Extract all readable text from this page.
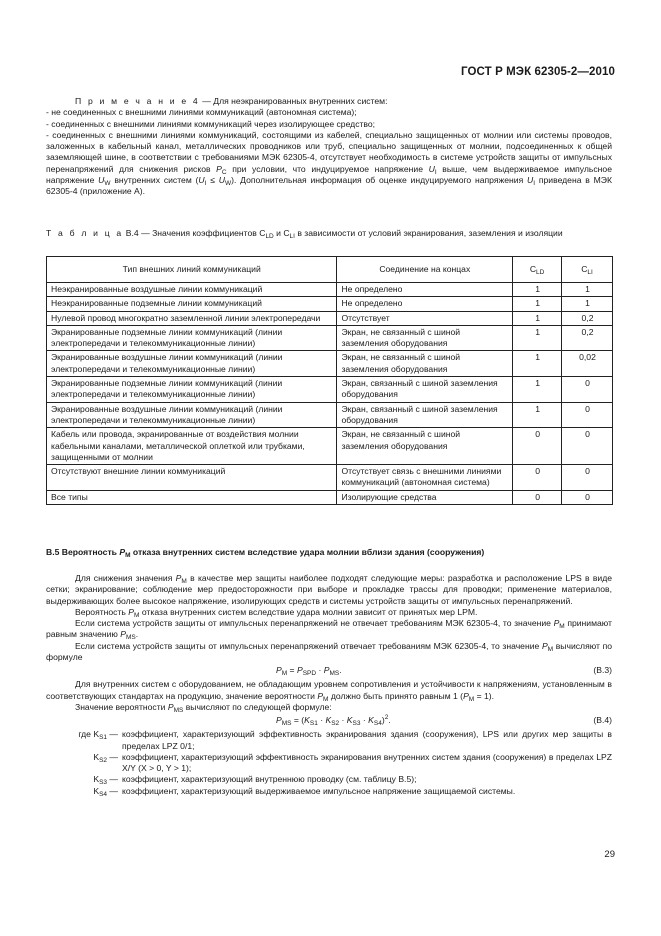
ГОСТ Р МЭК 62305-2—2010

П р и м е ч а н и е 4 — Для неэкранированных внутренних систем:

- не соединенных с внешними линиями коммуникаций (автономная система);

- соединенных с внешними линиями коммуникаций через изолирующее средство;

- соединенных с внешними линиями коммуникаций, состоящими из кабелей, специально защищенных от молнии или системы проводов, заложенных в кабельный канал, металлических проводников или труб, специально защищенных от молнии, подсоединенных к общей заземляющей шине, в соответствии с требованиями МЭК 62305-4, отсутствует необходимость в системе устройств защиты от импульсных перенапряжений для снижения рисков $P_C$ при условии, что индуцируемое напряжение $U_I$ выше, чем выдерживаемое импульсное напряжение $U_W$ внутренних систем $(U_I \le U_W)$. Дополнительная информация об оценке индуцируемого напряжения $U_I$ приведена в МЭК 62305-4 (приложение А).

Т а б л и ц а В.4 — Значения коэффициентов $C_{LD}$ и $C_{LI}$ в зависимости от условий экранирования, заземления и изоляции
Тип внешних линий коммуникаций	Соединение на концах	$C_{LD}$	$C_{LI}$
Неэкранированные воздушные линии коммуникаций	Не определено	1	1
Неэкранированные подземные линии коммуникаций	Не определено	1	1
Нулевой провод многократно заземленной линии электропередачи	Отсутствует	1	0,2
Экранированные подземные линии коммуникаций (линии электропередачи и телекоммуникационные линии)	Экран, не связанный с шиной заземления оборудования	1	0,2
Экранированные воздушные линии коммуникаций (линии электропередачи и телекоммуникационные линии)	Экран, не связанный с шиной заземления оборудования	1	0,02
Экранированные подземные линии коммуникаций (линии электропередачи и телекоммуникационные линии)	Экран, связанный с шиной заземления оборудования	1	0
Экранированные воздушные линии коммуникаций (линии электропередачи и телекоммуникационные линии)	Экран, связанный с шиной заземления оборудования	1	0
Кабель или провода, экранированные от воздействия молнии кабельными каналами, металлической оплеткой или трубками, защищенными от молнии	Экран, не связанный с шиной заземления оборудования	0	0
Отсутствуют внешние линии коммуникаций	Отсутствует связь с внешними линиями коммуникаций (автономная система)	0	0
Все типы	Изолирующие средства	0	0
В.5 Вероятность $P_M$ отказа внутренних систем вследствие удара молнии вблизи здания (сооружения)

Для снижения значения $P_M$ в качестве мер защиты наиболее подходят следующие меры: разработка и расположение LPS в виде сетки; экранирование; соблюдение мер предосторожности при выборе и прокладке трассы для проводки; применение материалов, выдерживающих более высокое напряжение, изолирующих средств и системы устройств защиты от импульсных перенапряжений.

Вероятность $P_M$ отказа внутренних систем вследствие удара молнии зависит от принятых мер LPM.

Если система устройств защиты от импульсных перенапряжений не отвечает требованиям МЭК 62305-4, то значение $P_M$ принимают равным значению $P_{MS}$.

Если система устройств защиты от импульсных перенапряжений отвечает требованиям МЭК 62305-4, то значение $P_M$ вычисляют по формуле

$P_M = P_{SPD} \cdot P_{MS}$.	(B.3)

Для внутренних систем с оборудованием, не обладающим уровнем сопротивления и устойчивости к напряжениям, установленным в соответствующих стандартах на продукцию, значение вероятности $P_M$ должно быть принято равным 1 $(P_M = 1)$.

Значение вероятности $P_{MS}$ вычисляют по следующей формуле:

$P_{MS} = (K_{S1} \cdot K_{S2} \cdot K_{S3} \cdot K_{S4})^2$.	(B.4)
где $K_{S1}$ — коэффициент, характеризующий эффективность экранирования здания (сооружения), LPS или других мер защиты в пределах LPZ 0/1;
$K_{S2}$ — коэффициент, характеризующий эффективность экранирования внутренних систем здания (сооружения) в пределах LPZ X/Y (X > 0, Y > 1);
$K_{S3}$ — коэффициент, характеризующий внутреннюю проводку (см. таблицу В.5);
$K_{S4}$ — коэффициент, характеризующий выдерживаемое импульсное напряжение защищаемой системы.
29
